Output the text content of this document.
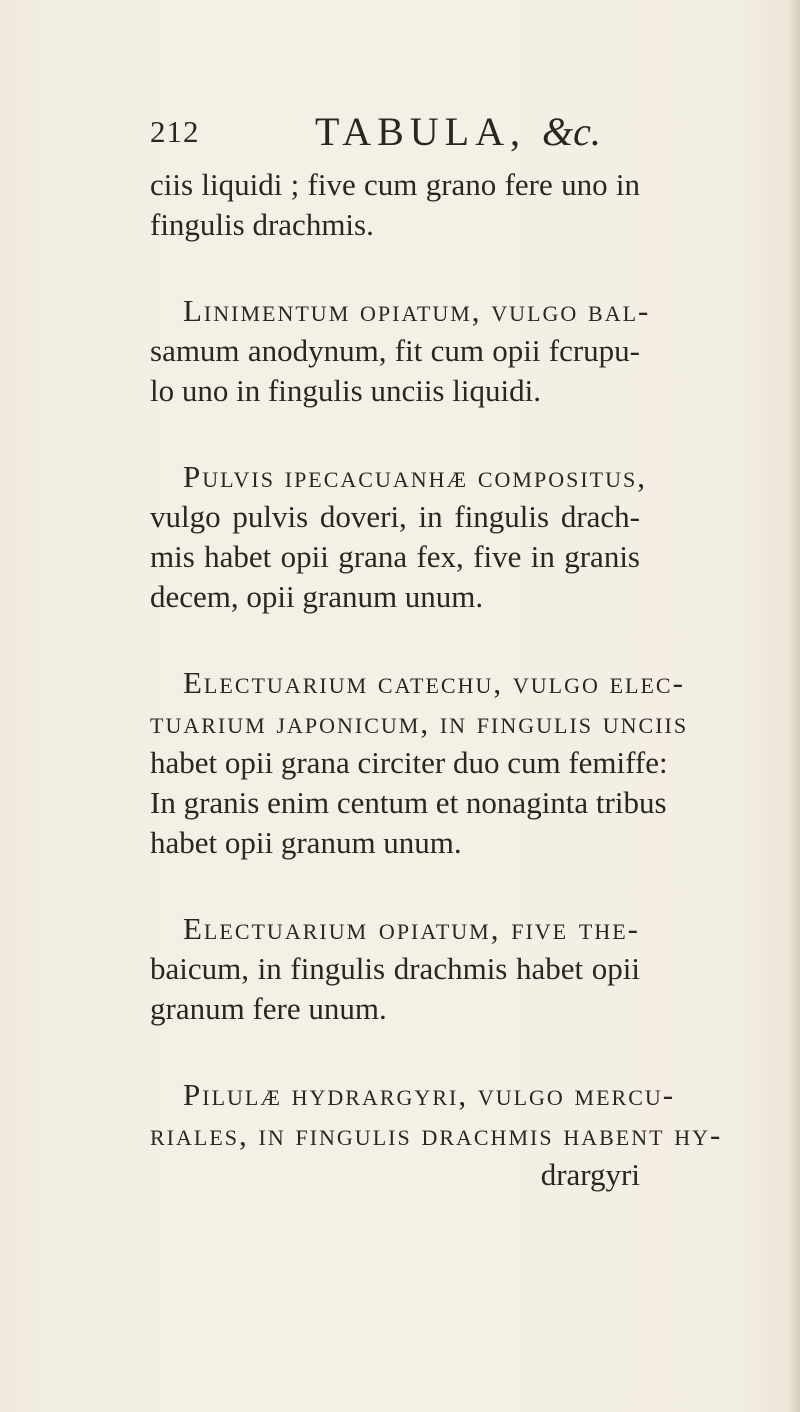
212	TABULA, &c.
ciis liquidi ; five cum grano fere uno in
fingulis drachmis.
Linimentum opiatum, vulgo bal-
samum anodynum, fit cum opii fcrupu-
lo uno in fingulis unciis liquidi.
Pulvis ipecacuanhæ compositus,
vulgo pulvis doveri, in fingulis drach-
mis habet opii grana fex, five in granis
decem, opii granum unum.
Electuarium catechu, vulgo elec-
tuarium japonicum, in fingulis unciis
habet opii grana circiter duo cum femiffe:
In granis enim centum et nonaginta tribus
habet opii granum unum.
Electuarium opiatum, five the-
baicum, in fingulis drachmis habet opii
granum fere unum.
Pilulæ hydrargyri, vulgo mercu-
riales, in fingulis drachmis habent hy-
drargyri
